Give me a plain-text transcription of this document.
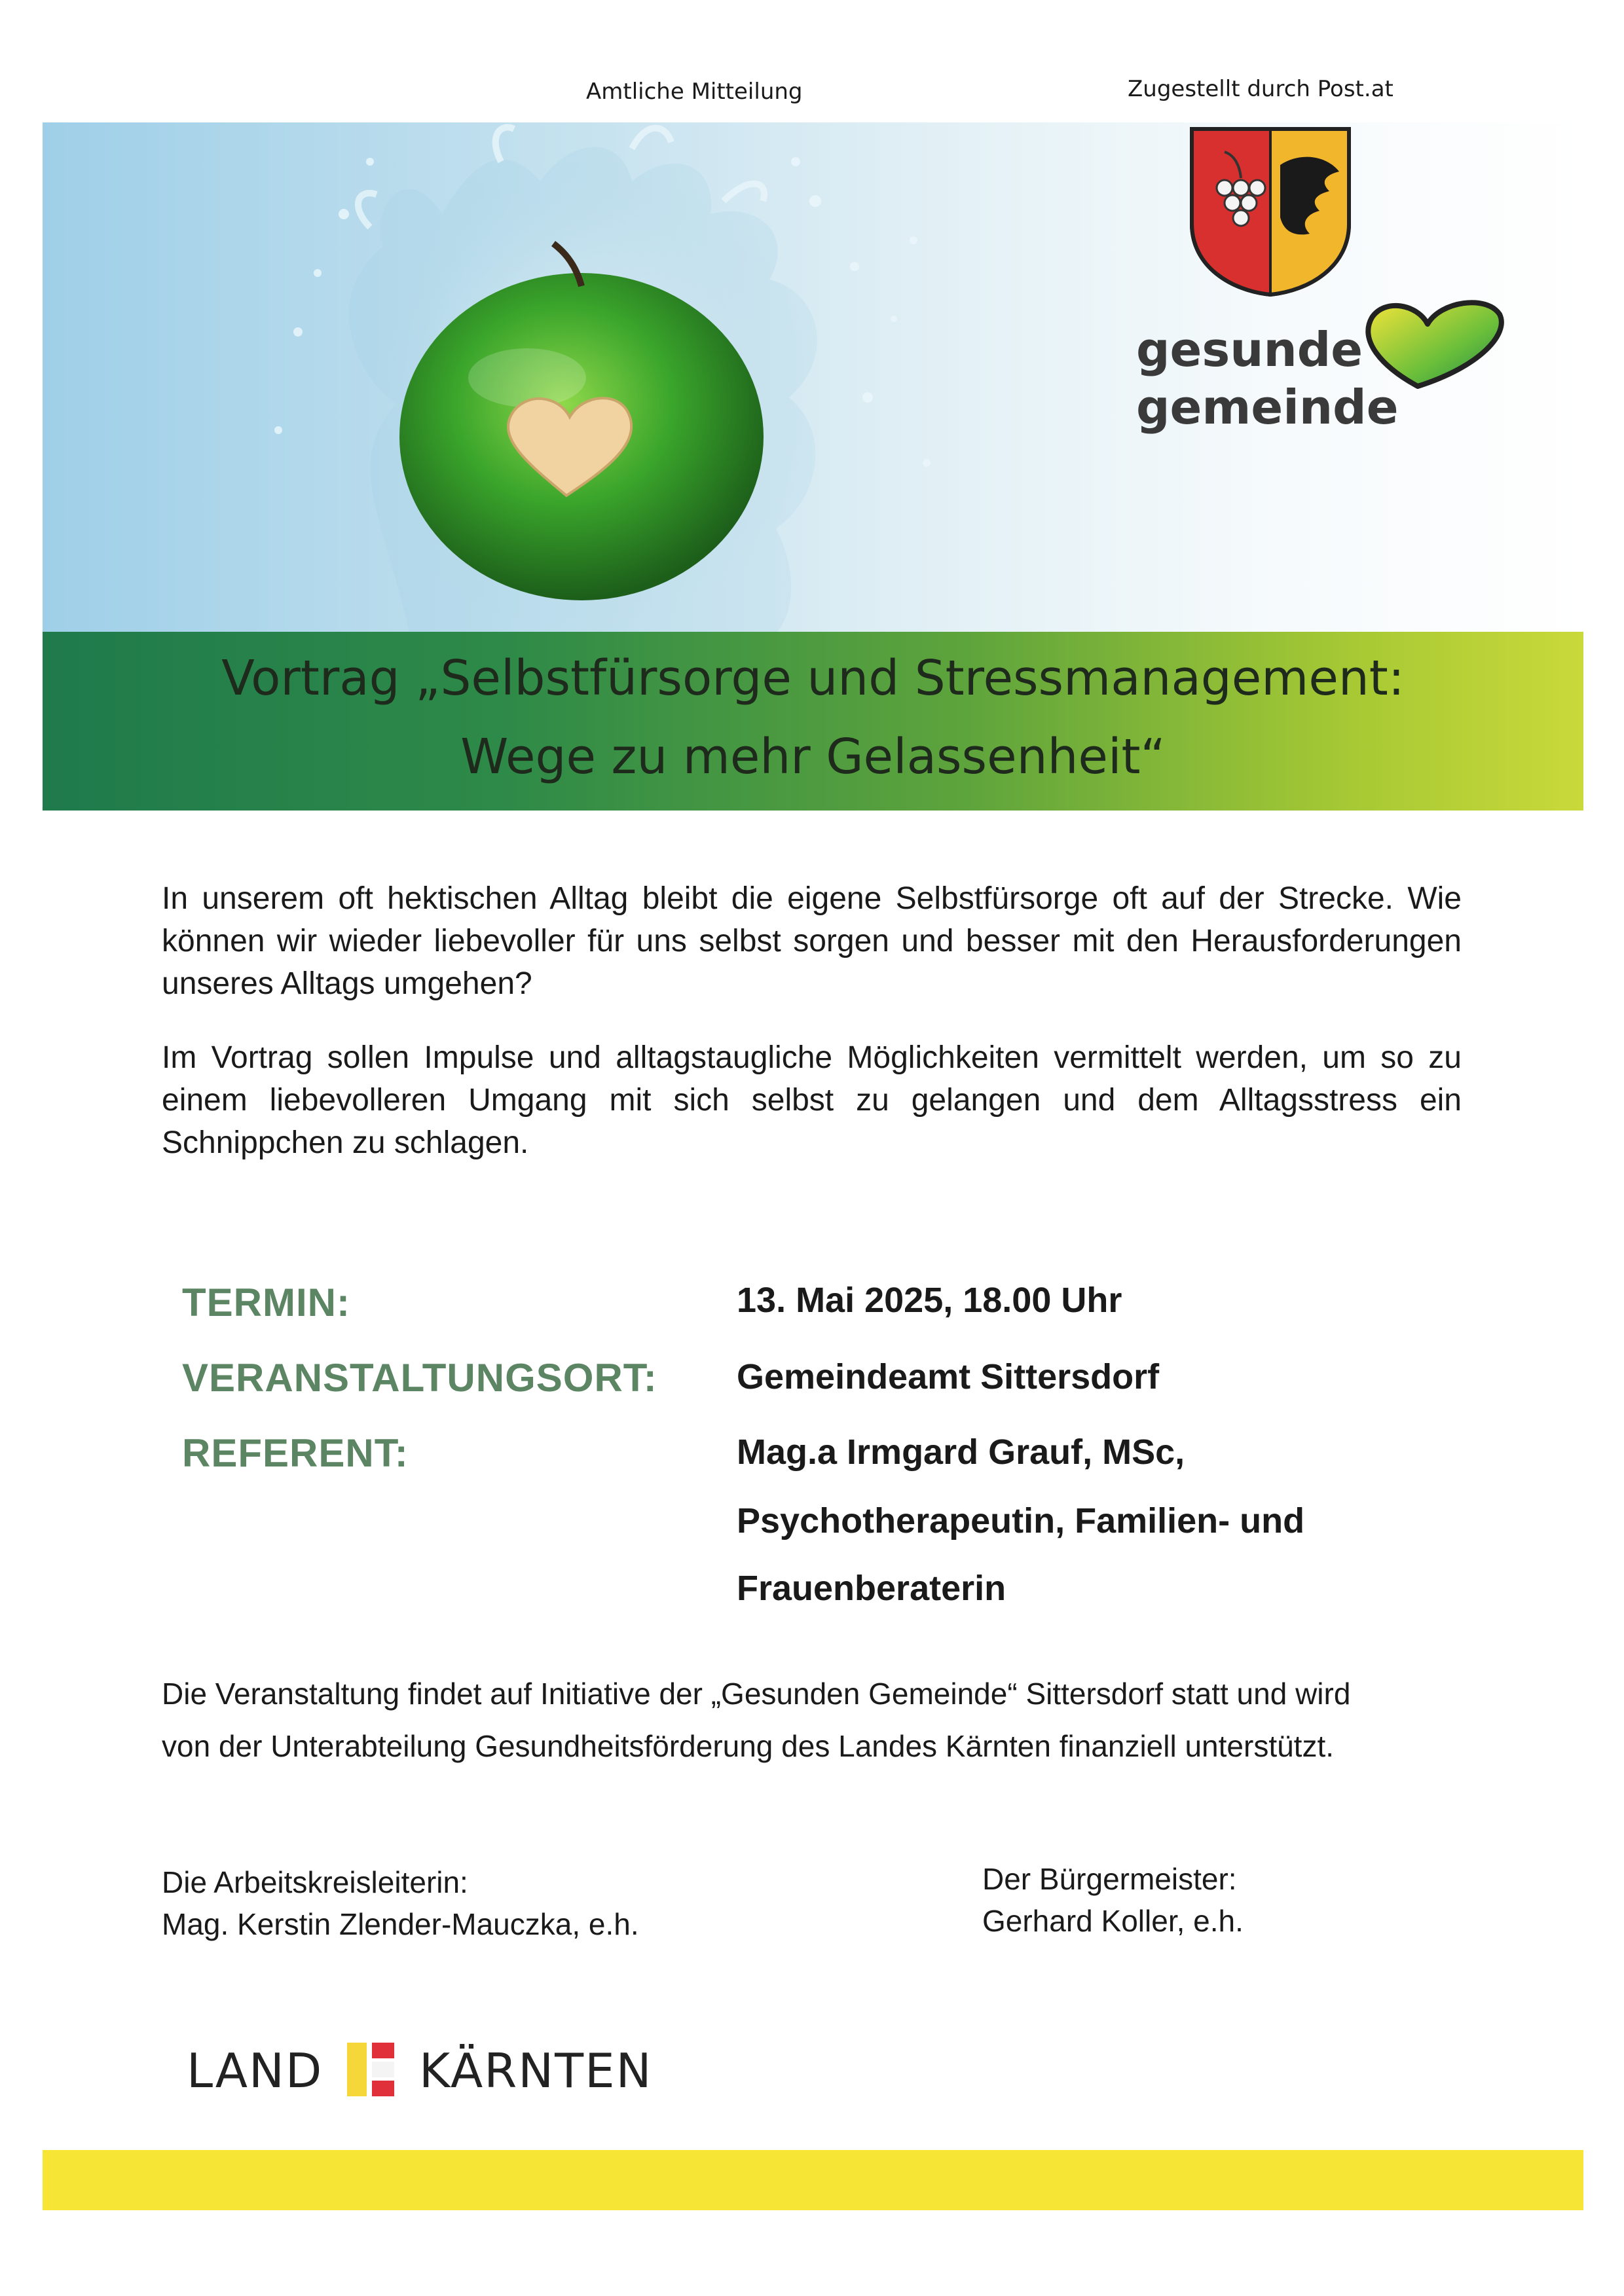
Amtliche Mitteilung	Zugestellt durch Post.at
gesunde
gemeinde
Vortrag „Selbstfürsorge und Stressmanagement:
Wege zu mehr Gelassenheit“
In unserem oft hektischen Alltag bleibt die eigene Selbstfürsorge oft auf der Strecke. Wie können wir wieder liebevoller für uns selbst sorgen und besser mit den Herausforderungen unseres Alltags umgehen?
Im Vortrag sollen Impulse und alltagstaugliche Möglichkeiten vermittelt werden, um so zu einem liebevolleren Umgang mit sich selbst zu gelangen und dem Alltagsstress ein Schnippchen zu schlagen.
TERMIN:	13. Mai 2025, 18.00 Uhr
VERANSTALTUNGSORT: Gemeindeamt Sittersdorf
REFERENT:	Mag.a Irmgard Grauf, MSc,
Psychotherapeutin, Familien- und
Frauenberaterin
Die Veranstaltung findet auf Initiative der „Gesunden Gemeinde“ Sittersdorf statt und wird
von der Unterabteilung Gesundheitsförderung des Landes Kärnten finanziell unterstützt.
Die Arbeitskreisleiterin:
Mag. Kerstin Zlender-Mauczka, e.h.
Der Bürgermeister:
Gerhard Koller, e.h.
LAND KÄRNTEN
